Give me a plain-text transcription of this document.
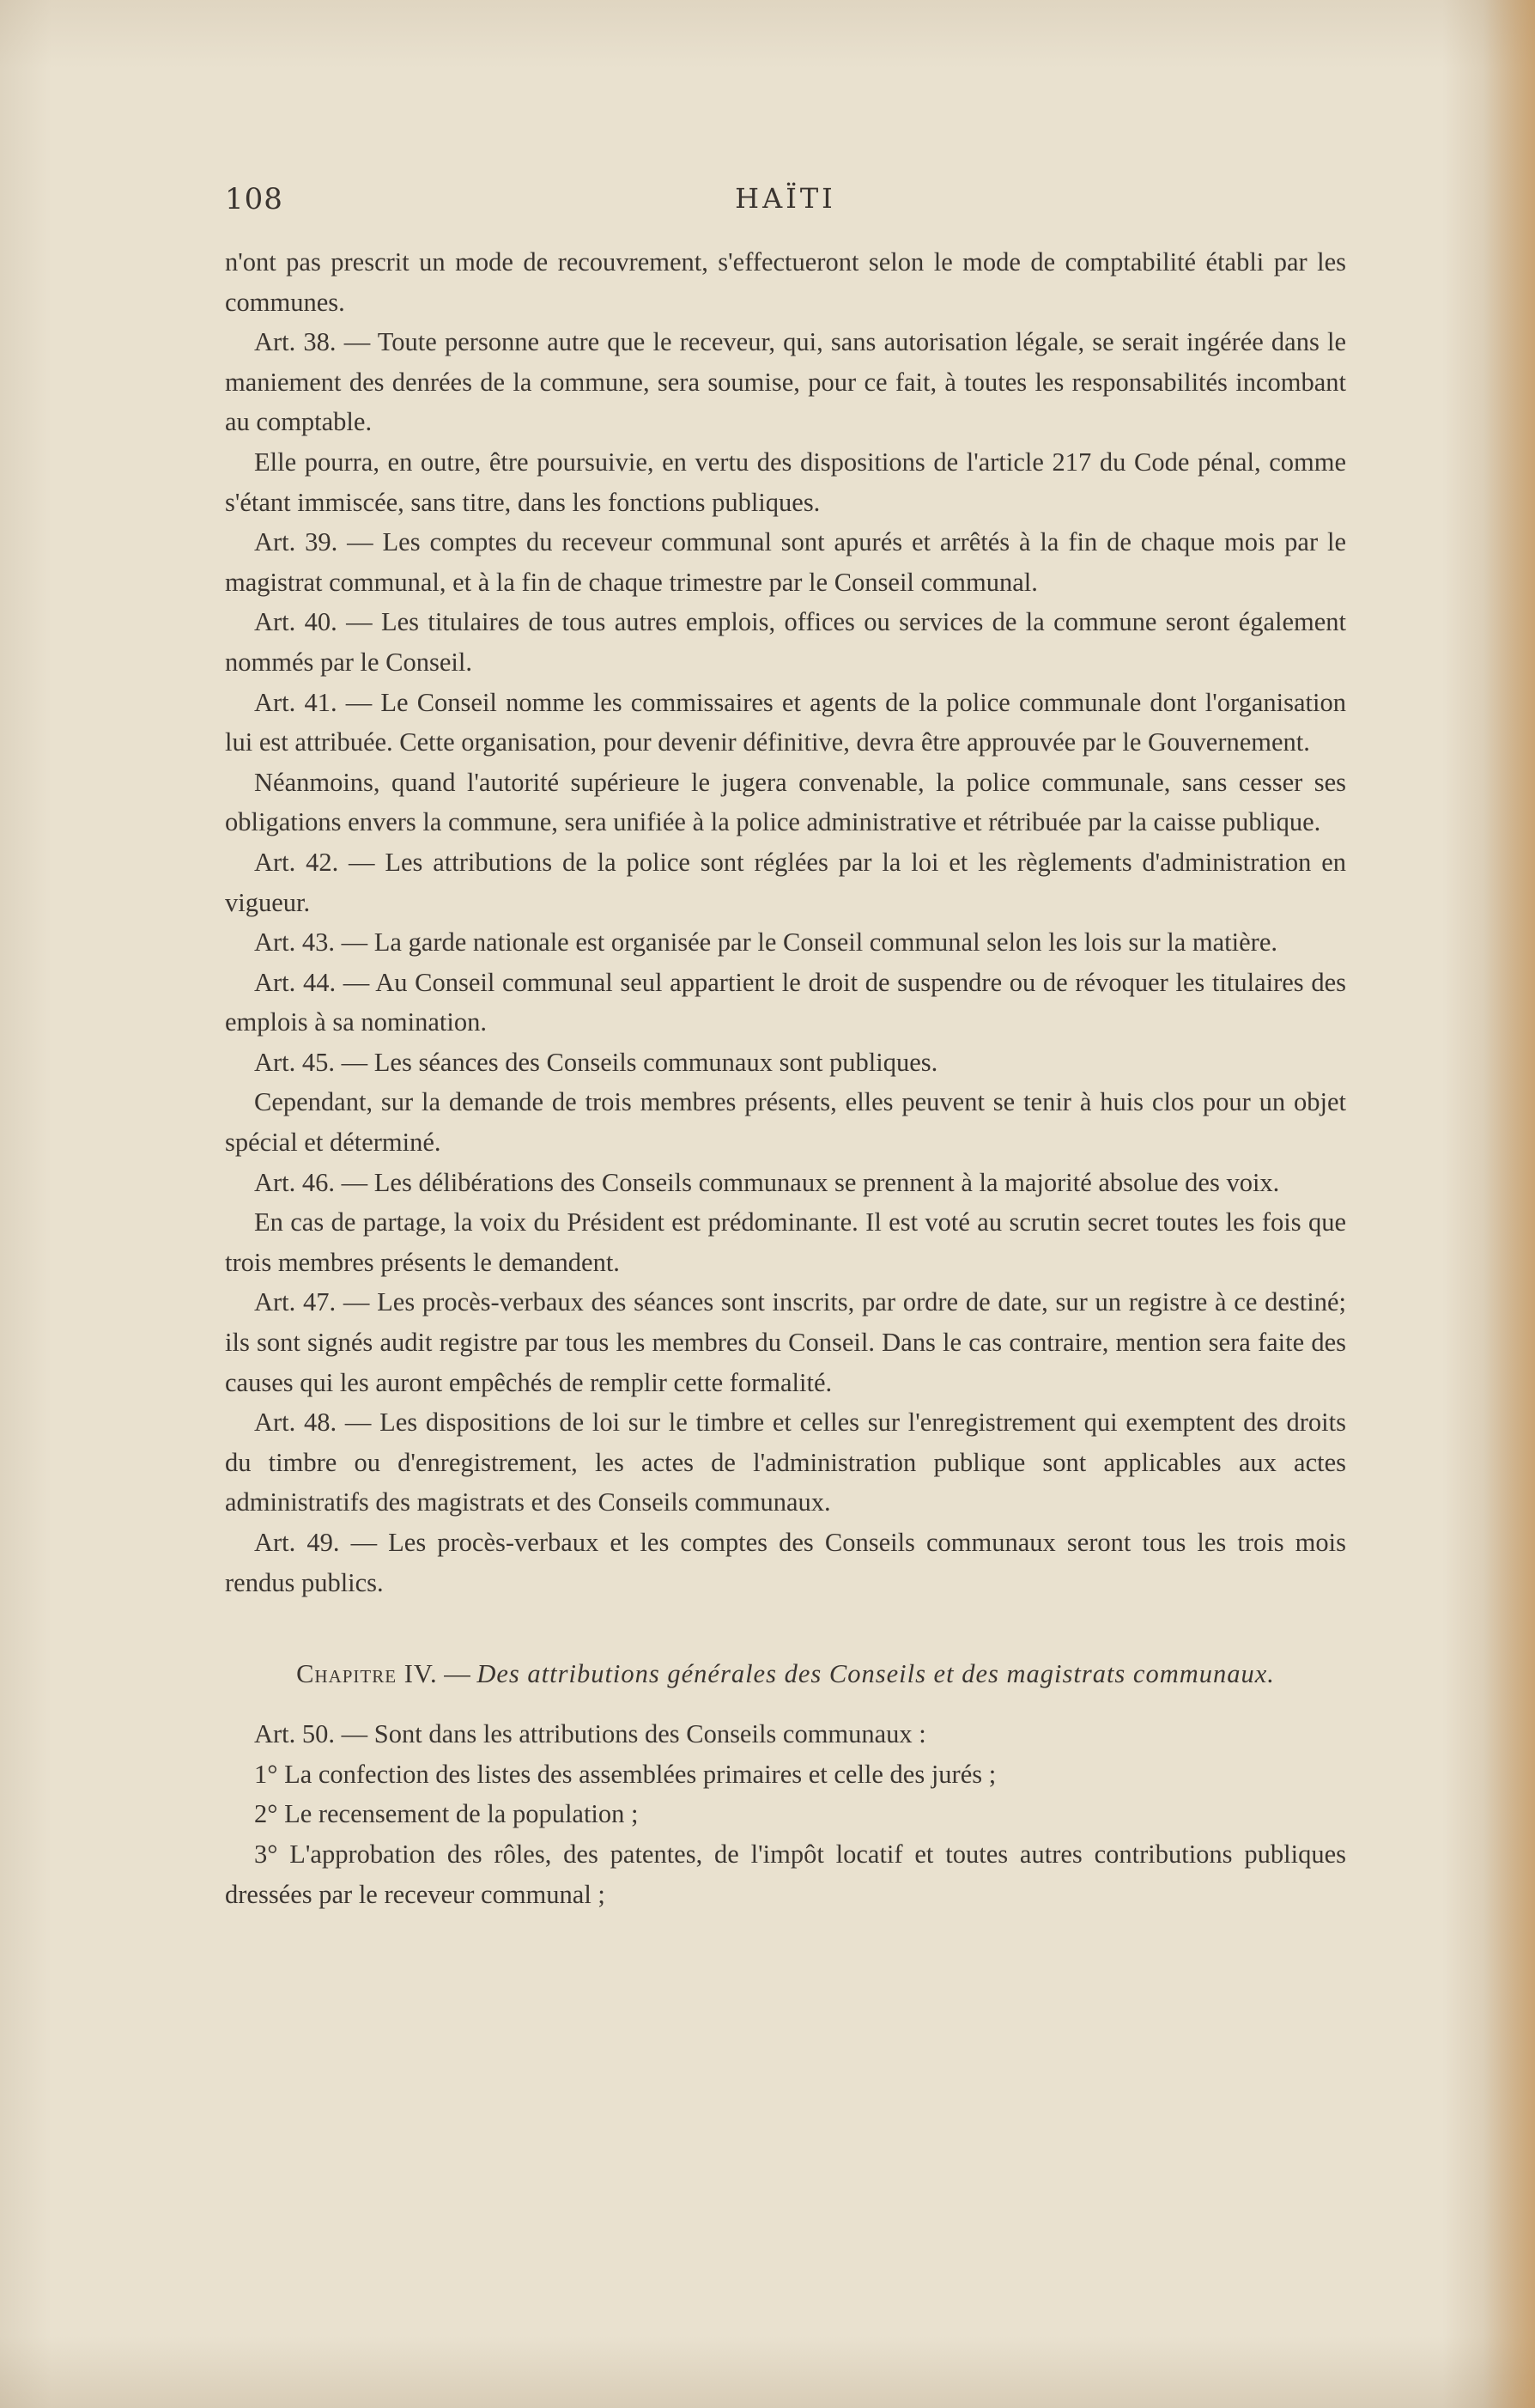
108	HAÏTI

n'ont pas prescrit un mode de recouvrement, s'effectueront selon le mode de comptabilité établi par les communes.

Art. 38. — Toute personne autre que le receveur, qui, sans autorisation légale, se serait ingérée dans le maniement des denrées de la commune, sera soumise, pour ce fait, à toutes les responsabilités incombant au comptable.

Elle pourra, en outre, être poursuivie, en vertu des dispositions de l'article 217 du Code pénal, comme s'étant immiscée, sans titre, dans les fonctions publiques.

Art. 39. — Les comptes du receveur communal sont apurés et arrêtés à la fin de chaque mois par le magistrat communal, et à la fin de chaque trimestre par le Conseil communal.

Art. 40. — Les titulaires de tous autres emplois, offices ou services de la commune seront également nommés par le Conseil.

Art. 41. — Le Conseil nomme les commissaires et agents de la police communale dont l'organisation lui est attribuée. Cette organisation, pour devenir définitive, devra être approuvée par le Gouvernement.

Néanmoins, quand l'autorité supérieure le jugera convenable, la police communale, sans cesser ses obligations envers la commune, sera unifiée à la police administrative et rétribuée par la caisse publique.

Art. 42. — Les attributions de la police sont réglées par la loi et les règlements d'administration en vigueur.

Art. 43. — La garde nationale est organisée par le Conseil communal selon les lois sur la matière.

Art. 44. — Au Conseil communal seul appartient le droit de suspendre ou de révoquer les titulaires des emplois à sa nomination.

Art. 45. — Les séances des Conseils communaux sont publiques.

Cependant, sur la demande de trois membres présents, elles peuvent se tenir à huis clos pour un objet spécial et déterminé.

Art. 46. — Les délibérations des Conseils communaux se prennent à la majorité absolue des voix.

En cas de partage, la voix du Président est prédominante. Il est voté au scrutin secret toutes les fois que trois membres présents le demandent.

Art. 47. — Les procès-verbaux des séances sont inscrits, par ordre de date, sur un registre à ce destiné; ils sont signés audit registre par tous les membres du Conseil. Dans le cas contraire, mention sera faite des causes qui les auront empêchés de remplir cette formalité.

Art. 48. — Les dispositions de loi sur le timbre et celles sur l'enregistrement qui exemptent des droits du timbre ou d'enregistrement, les actes de l'administration publique sont applicables aux actes administratifs des magistrats et des Conseils communaux.

Art. 49. — Les procès-verbaux et les comptes des Conseils communaux seront tous les trois mois rendus publics.

Chapitre IV. — Des attributions générales des Conseils et des magistrats communaux.

Art. 50. — Sont dans les attributions des Conseils communaux :

1° La confection des listes des assemblées primaires et celle des jurés ;

2° Le recensement de la population ;

3° L'approbation des rôles, des patentes, de l'impôt locatif et toutes autres contributions publiques dressées par le receveur communal ;
